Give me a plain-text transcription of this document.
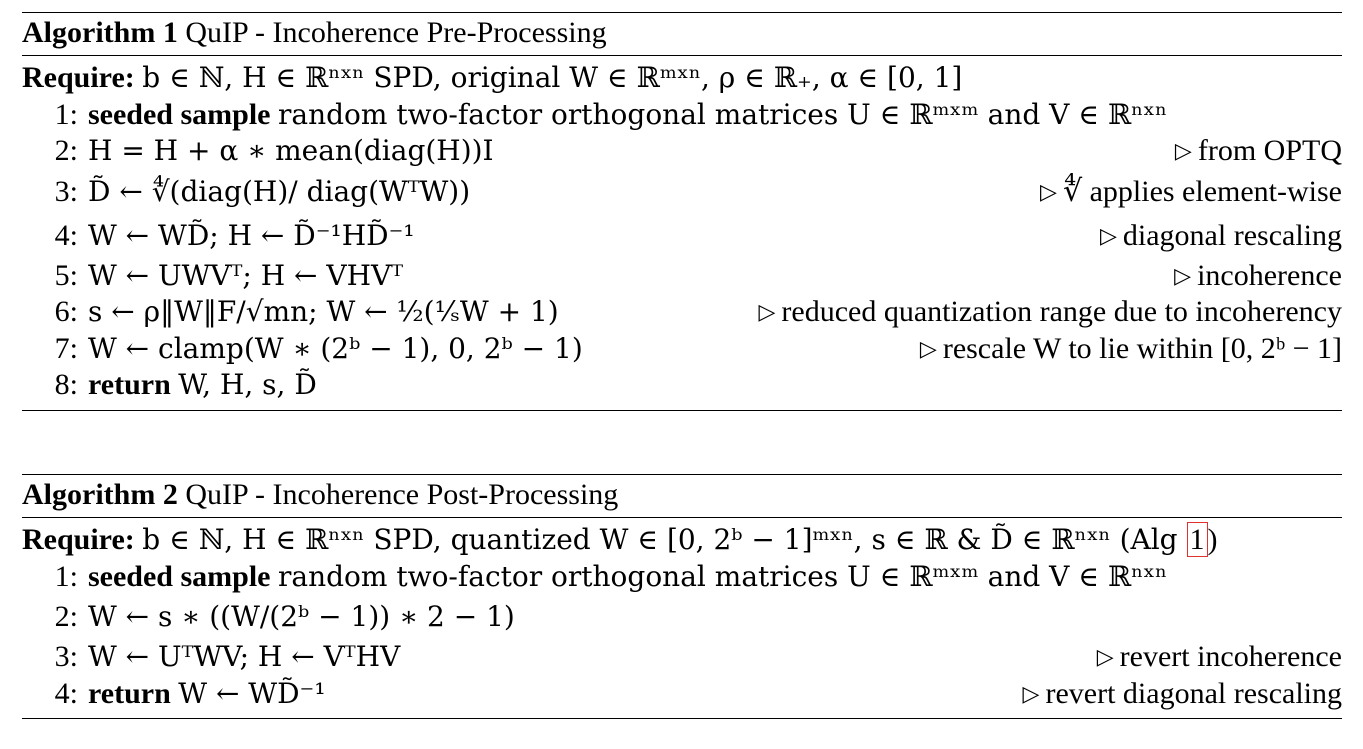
Algorithm 1 QuIP - Incoherence Pre-Processing
Require: b ∈ ℕ, H ∈ ℝⁿˣⁿ SPD, original W ∈ ℝᵐˣⁿ, ρ ∈ ℝ₊, α ∈ [0, 1]
1: seeded sample random two-factor orthogonal matrices U ∈ ℝᵐˣᵐ and V ∈ ℝⁿˣⁿ
2: H = H + α ∗ mean(diag(H))I	▷ from OPTQ
3: D̃ ← ∜(diag(H)/ diag(WᵀW))	▷ ∜ applies element-wise
4: W ← WD̃; H ← D̃⁻¹HD̃⁻¹	▷ diagonal rescaling
5: W ← UWVᵀ; H ← VHVᵀ	▷ incoherence
6: s ← ρ‖W‖F/√mn; W ← ½(¹⁄ₛW + 1)	▷ reduced quantization range due to incoherency
7: W ← clamp(W ∗ (2ᵇ − 1), 0, 2ᵇ − 1)	▷ rescale W to lie within [0, 2ᵇ − 1]
8: return W, H, s, D̃
Algorithm 2 QuIP - Incoherence Post-Processing
Require: b ∈ ℕ, H ∈ ℝⁿˣⁿ SPD, quantized W ∈ [0, 2ᵇ − 1]ᵐˣⁿ, s ∈ ℝ & D̃ ∈ ℝⁿˣⁿ (Alg 1 )
1: seeded sample random two-factor orthogonal matrices U ∈ ℝᵐˣᵐ and V ∈ ℝⁿˣⁿ
2: W ← s ∗ ((W/(2ᵇ − 1)) ∗ 2 − 1)
3: W ← UᵀWV; H ← VᵀHV	▷ revert incoherence
4: return W ← WD̃⁻¹	▷ revert diagonal rescaling
